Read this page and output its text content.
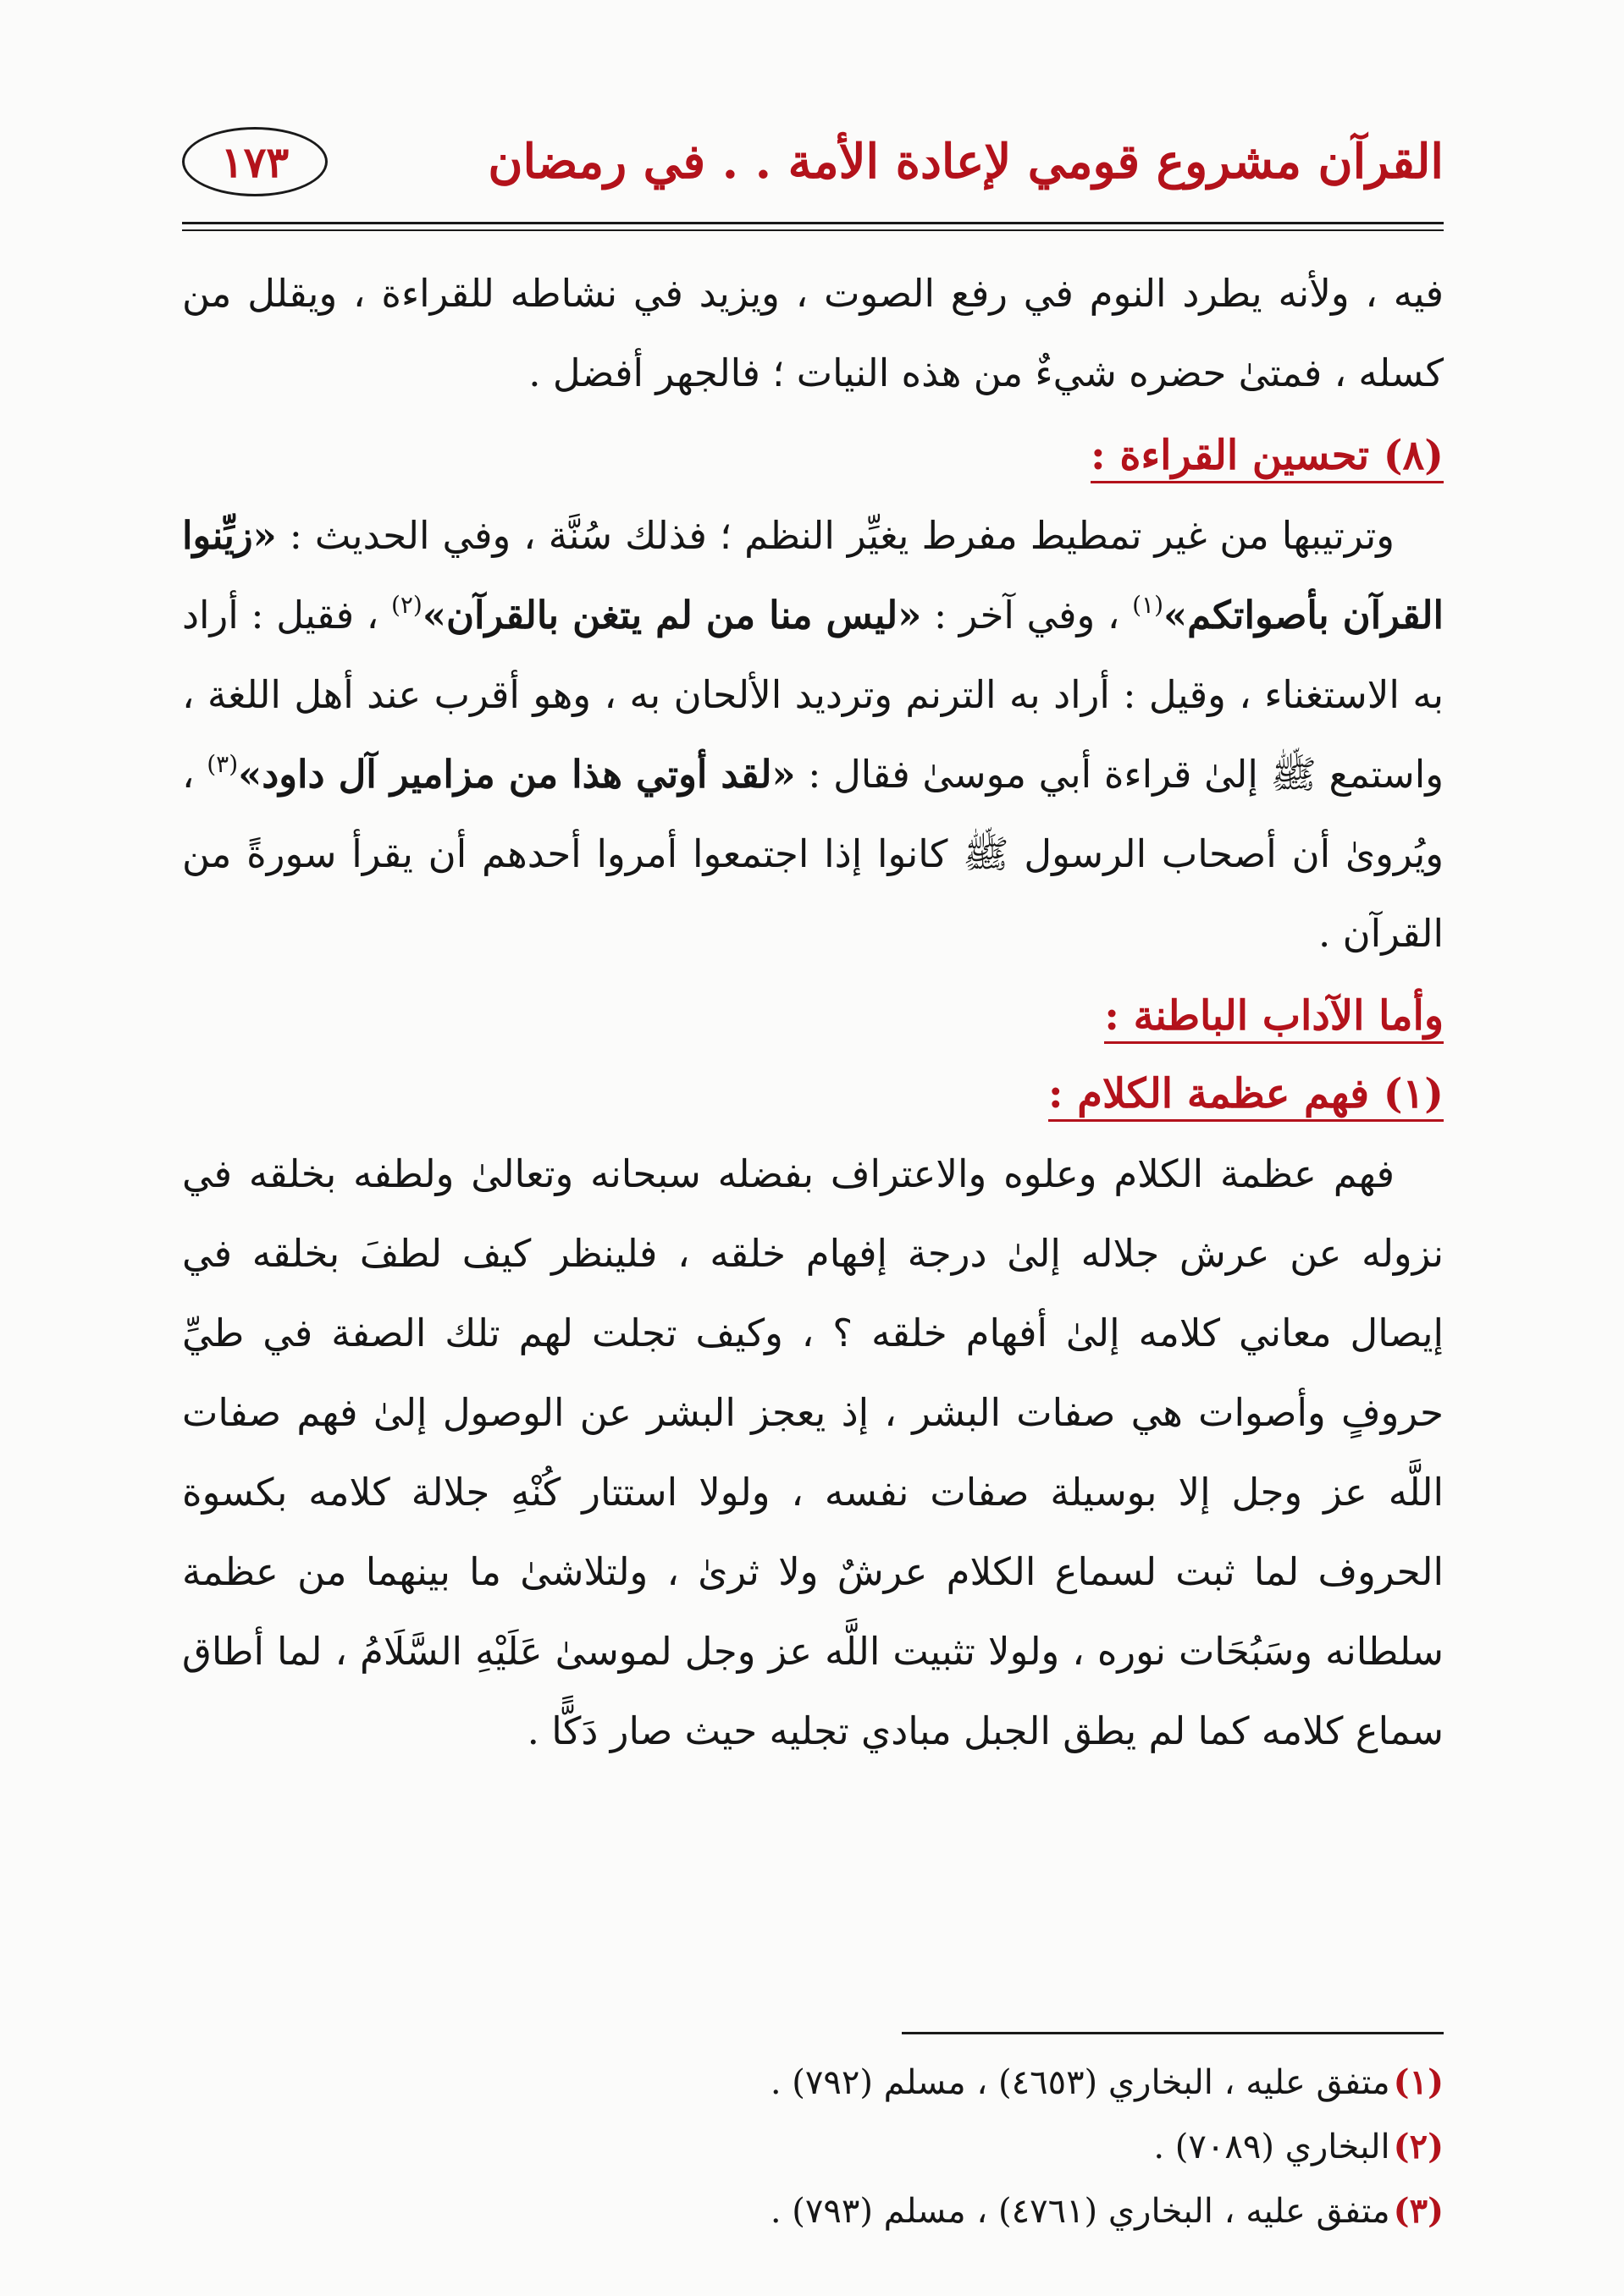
القرآن مشروع قومي لإعادة الأمة . . في رمضان
١٧٣

فيه ، ولأنه يطرد النوم في رفع الصوت ، ويزيد في نشاطه للقراءة ، ويقلل من كسله ، فمتىٰ حضره شيءٌ من هذه النيات ؛ فالجهر أفضل .

(٨) تحسين القراءة :

وترتيبها من غير تمطيط مفرط يغيِّر النظم ؛ فذلك سُنَّة ، وفي الحديث : «زيِّنوا القرآن بأصواتكم»$^{(١)}$ ، وفي آخر : «ليس منا من لم يتغن بالقرآن»$^{(٢)}$ ، فقيل : أراد به الاستغناء ، وقيل : أراد به الترنم وترديد الألحان به ، وهو أقرب عند أهل اللغة ، واستمع ﷺ إلىٰ قراءة أبي موسىٰ فقال : «لقد أوتي هذا من مزامير آل داود»$^{(٣)}$ ، ويُروىٰ أن أصحاب الرسول ﷺ كانوا إذا اجتمعوا أمروا أحدهم أن يقرأ سورةً من القرآن .

وأما الآداب الباطنة :
(١) فهم عظمة الكلام :

فهم عظمة الكلام وعلوه والاعتراف بفضله سبحانه وتعالىٰ ولطفه بخلقه في نزوله عن عرش جلاله إلىٰ درجة إفهام خلقه ، فلينظر كيف لطفَ بخلقه في إيصال معاني كلامه إلىٰ أفهام خلقه ؟ ، وكيف تجلت لهم تلك الصفة في طيِّ حروفٍ وأصوات هي صفات البشر ، إذ يعجز البشر عن الوصول إلىٰ فهم صفات اللَّه عز وجل إلا بوسيلة صفات نفسه ، ولولا استتار كُنْهِ جلالة كلامه بكسوة الحروف لما ثبت لسماع الكلام عرشٌ ولا ثرىٰ ، ولتلاشىٰ ما بينهما من عظمة سلطانه وسَبُحَات نوره ، ولولا تثبيت اللَّه عز وجل لموسىٰ عَلَيْهِ السَّلَامُ ، لما أطاق سماع كلامه كما لم يطق الجبل مبادي تجليه حيث صار دَكًّا .

(١)متفق عليه ، البخاري (٤٦٥٣) ، مسلم (٧٩٢) .
(٢)البخاري (٧٠٨٩) .
(٣)متفق عليه ، البخاري (٤٧٦١) ، مسلم (٧٩٣) .
